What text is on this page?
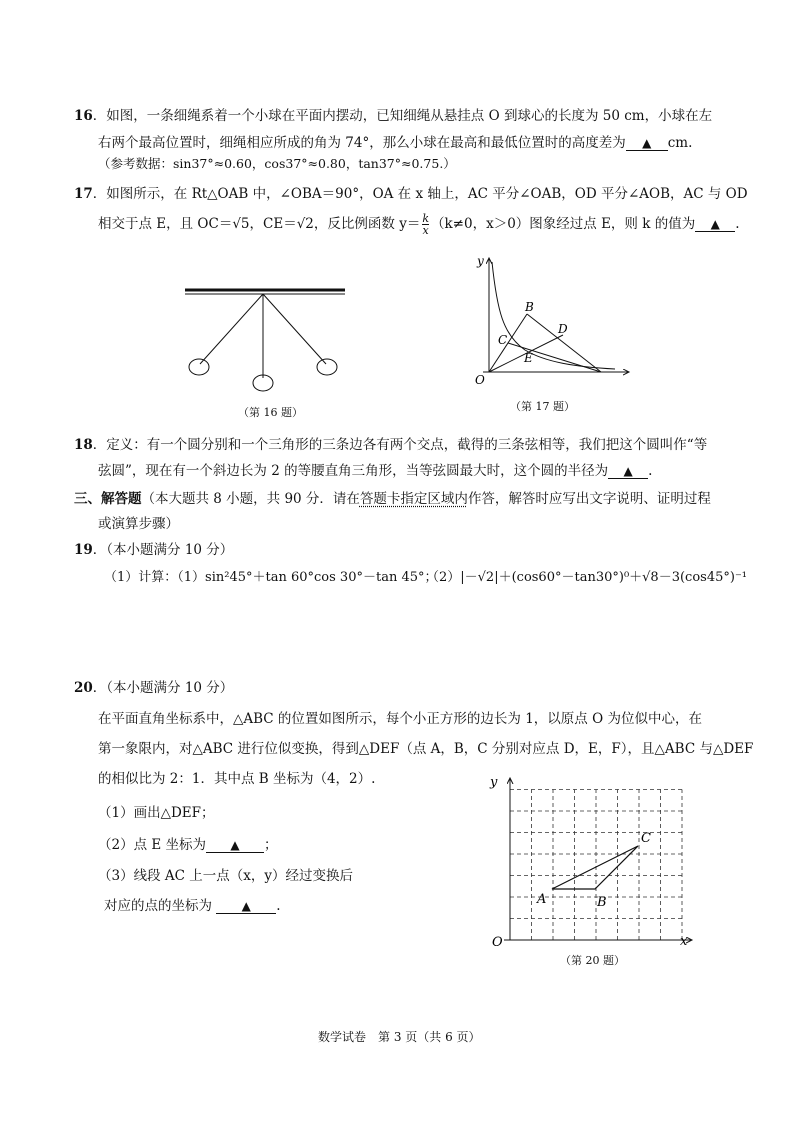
16．如图，一条细绳系着一个小球在平面内摆动，已知细绳从悬挂点 O 到球心的长度为 50 cm，小球在左
右两个最高位置时，细绳相应所成的角为 74°，那么小球在最高和最低位置时的高度差为 ▲ cm.
（参考数据：sin37°≈0.60，cos37°≈0.80，tan37°≈0.75.）
17．如图所示，在 Rt△OAB 中，∠OBA＝90°，OA 在 x 轴上，AC 平分∠OAB，OD 平分∠AOB，AC 与 OD
相交于点 E，且 OC＝√5，CE＝√2，反比例函数 $y= \frac{k}{x} (k\ne 0$，x＞0）图象经过点 E，则 k 的值为 ▲ .
（第 16 题）
y
O
B
C
D
E
（第 17 题）
18．定义：有一个圆分别和一个三角形的三条边各有两个交点，截得的三条弦相等，我们把这个圆叫作“等
弦圆”，现在有一个斜边长为 2 的等腰直角三角形，当等弦圆最大时，这个圆的半径为 ▲ .
三、解答题（本大题共 8 小题，共 90 分．请在答题卡指定区域内作答，解答时应写出文字说明、证明过程
或演算步骤）
19．（本小题满分 10 分）
（1）计算：（1）sin²45°＋tan 60°cos 30°－tan 45°；
（2）|－√2|＋(cos60°－tan30°)⁰＋√8－3(cos45°)⁻¹
20．（本小题满分 10 分）
在平面直角坐标系中，△ABC 的位置如图所示，每个小正方形的边长为 1，以原点 O 为位似中心，在
第一象限内，对△ABC 进行位似变换，得到△DEF（点 A，B，C 分别对应点 D，E，F），且△ABC 与△DEF
的相似比为 2：1．其中点 B 坐标为（4，2）.
（1）画出△DEF；
（2）点 E 坐标为 ▲ ；
（3）线段 AC 上一点（x，y）经过变换后
对应的点的坐标为 ▲ .
y
x
O
A	B
C
（第 20 题）
数学试卷　第 3 页（共 6 页）
